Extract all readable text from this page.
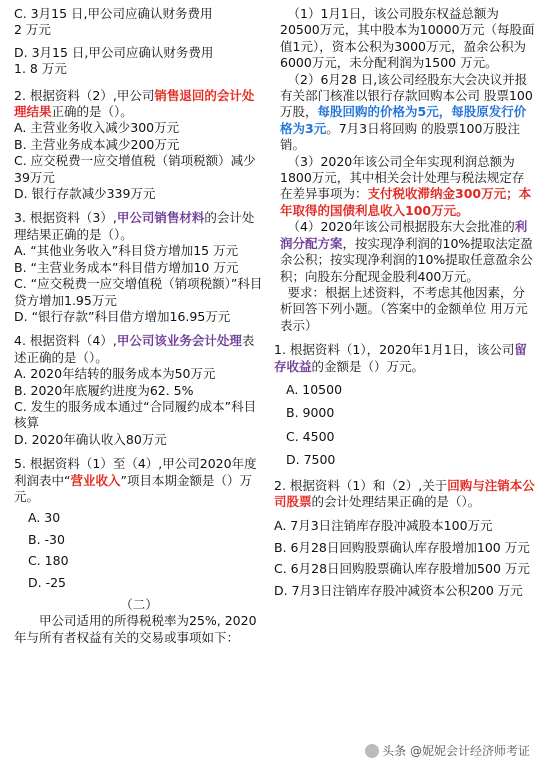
C. 3月15 日,甲公司应确认财务费用
2 万元

D. 3月15 日,甲公司应确认财务费用
1. 8 万元

2. 根据资料（2）,甲公司销售退回的会计处理结果正确的是（）。

A. 主营业务收入减少300万元

B. 主营业务成本减少200万元

C. 应交税费一应交增值税（销项税额）减少39万元

D. 银行存款减少339万元

3. 根据资料（3）,甲公司销售材料的会计处理结果正确的是（）。

A. “其他业务收入”科目贷方增加15 万元

B. “主营业务成本”科目借方增加10 万元

C. “应交税费一应交增值税（销项税额）”科目贷方增加1.95万元

D. “银行存款”科目借方增加16.95万元

4. 根据资料（4）,甲公司该业务会计处理表述正确的是（）。

A. 2020年结转的服务成本为50万元

B. 2020年底履约进度为62. 5%

C. 发生的服务成本通过“合同履约成本”科目核算

D. 2020年确认收入80万元

5. 根据资料（1）至（4）,甲公司2020年度利润表中“营业收入”项目本期金额是（）万元。

A. 30

B. -30

C. 180

D. -25

（二）

甲公司适用的所得税税率为25%, 2020年与所有者权益有关的交易或事项如下：

（1）1月1日，该公司股东权益总额为 20500万元，其中股本为10000万元（每股面值1元），资本公积为3000万元，盈余公积为6000万元，未分配利润为1500 万元。

（2）6月28 日,该公司经股东大会决议并报有关部门核准以银行存款回购本公司 股票100万股，每股回购的价格为5元，每股原发行价格为3元。7月3日将回购 的股票100万股注销。

（3）2020年该公司全年实现利润总额为 1800万元，其中相关会计处理与税法规定存在差异事项为：支付税收滞纳金300万元；本年取得的国债利息收入100万元。

（4）2020年该公司根据股东大会批准的利润分配方案，按实现净利润的10%提取法定盈余公积；按实现净利润的10%提取任意盈余公积；向股东分配现金股利400万元。

要求：根据上述资料，不考虑其他因素，分析回答下列小题。（答案中的金额单位 用万元表示）

1. 根据资料（1），2020年1月1日，该公司留存收益的金额是（）万元。

A. 10500

B. 9000

C. 4500

D. 7500

2. 根据资料（1）和（2）,关于回购与注销本公司股票的会计处理结果正确的是（）。

A. 7月3日注销库存股冲减股本100万元

B. 6月28日回购股票确认库存股增加100 万元

C. 6月28日回购股票确认库存股增加500 万元

D. 7月3日注销库存股冲减资本公积200 万元

头条 @妮妮会计经济师考证
